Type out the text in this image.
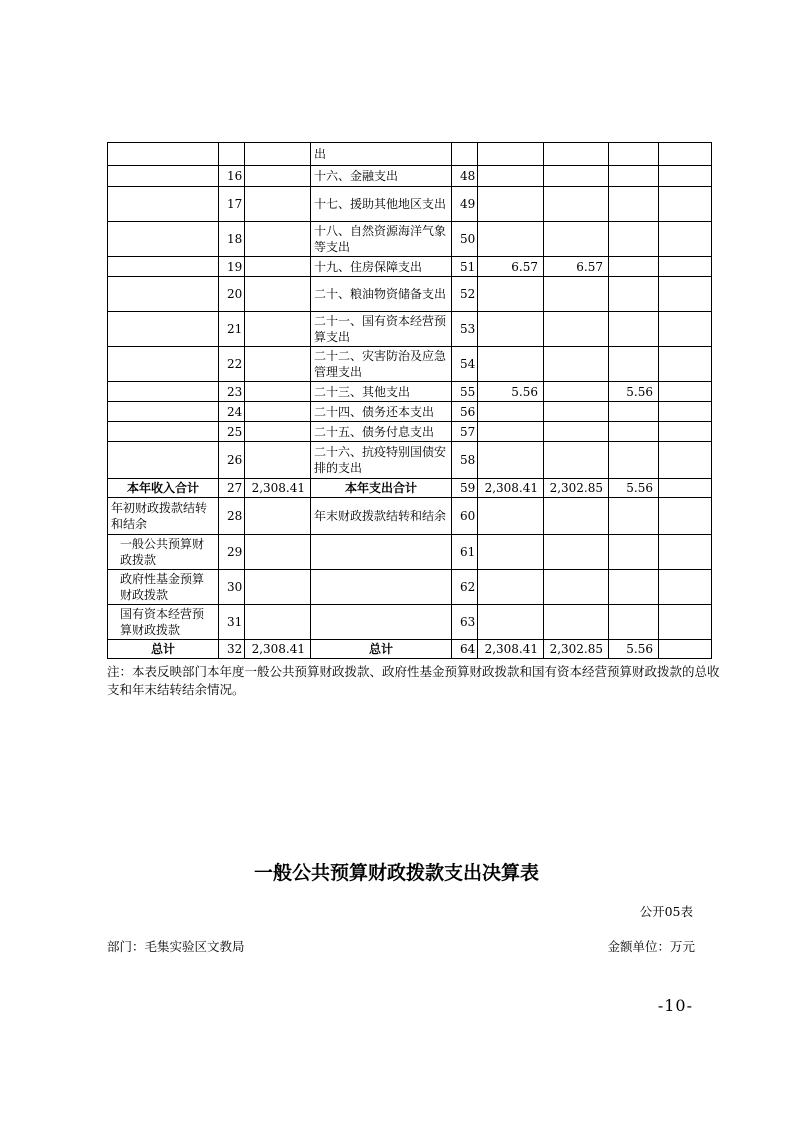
			出					
	16		十六、金融支出	48				
	17		十七、援助其他地区支出	49				
	18		十八、自然资源海洋气象等支出	50				
	19		十九、住房保障支出	51	6.57	6.57		
	20		二十、粮油物资储备支出	52				
	21		二十一、国有资本经营预算支出	53				
	22		二十二、灾害防治及应急管理支出	54				
	23		二十三、其他支出	55	5.56		5.56	
	24		二十四、债务还本支出	56				
	25		二十五、债务付息支出	57				
	26		二十六、抗疫特别国债安排的支出	58				
本年收入合计	27	2,308.41	本年支出合计	59	2,308.41	2,302.85	5.56	
年初财政拨款结转和结余	28		年末财政拨款结转和结余	60				
一般公共预算财政拨款	29			61				
政府性基金预算财政拨款	30			62				
国有资本经营预算财政拨款	31			63				
总计	32	2,308.41	总计	64	2,308.41	2,302.85	5.56	
注：本表反映部门本年度一般公共预算财政拨款、政府性基金预算财政拨款和国有资本经营预算财政拨款的总收支和年末结转结余情况。
一般公共预算财政拨款支出决算表
公开05表
部门：毛集实验区文教局	金额单位：万元
-10-
